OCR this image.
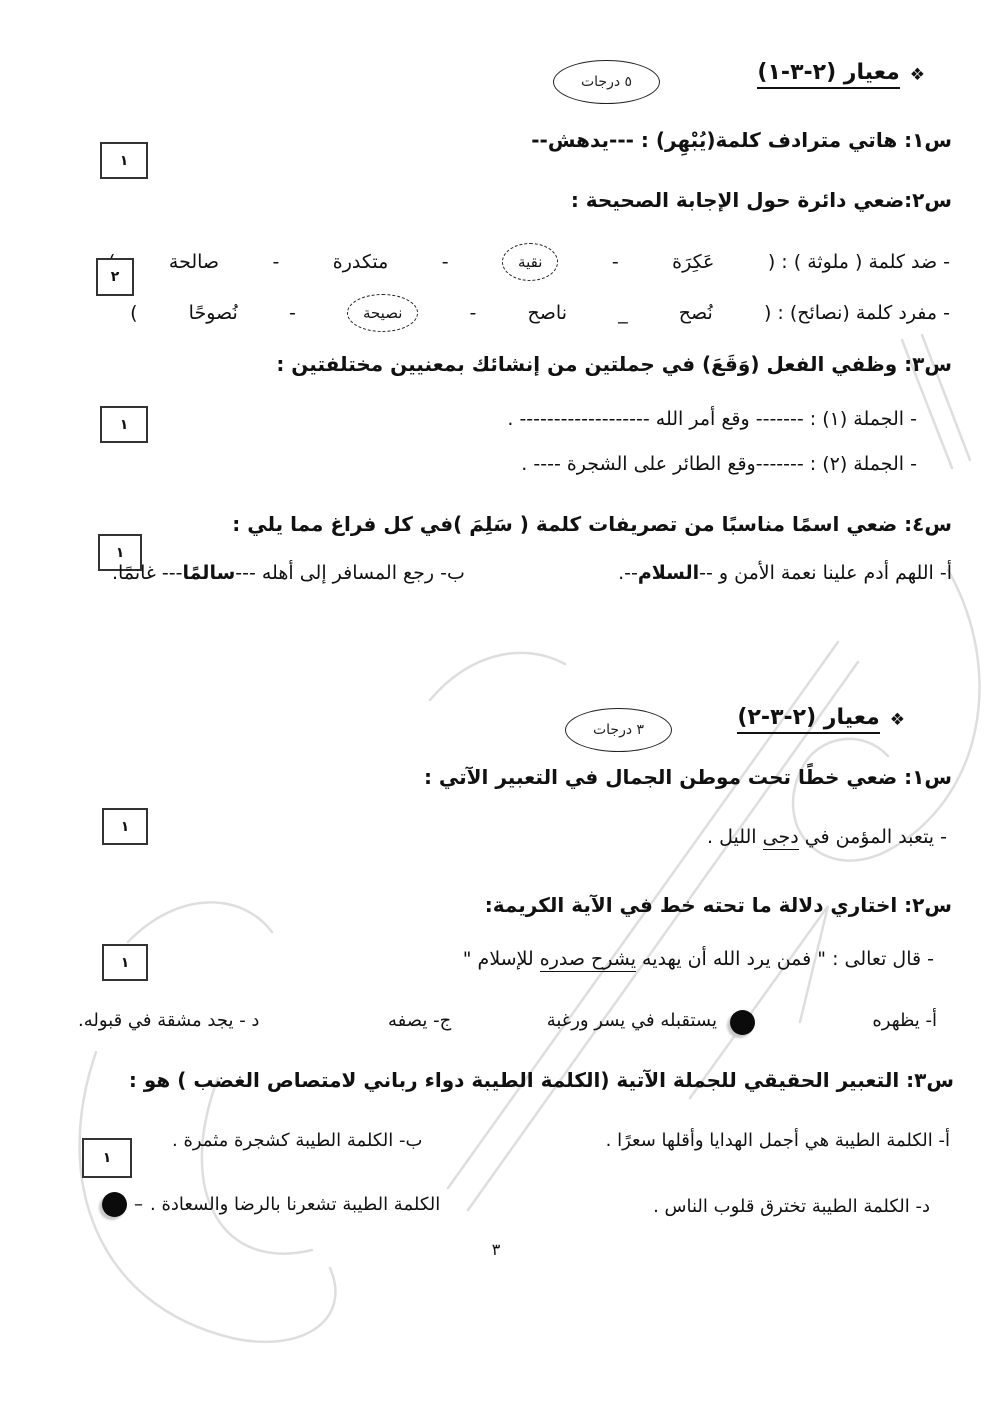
❖
معيار (٢-٣-١)
٥ درجات
س١: هاتي مترادف كلمة(يُبْهِر) : ---يدهش--
١
س٢:ضعي دائرة حول الإجابة الصحيحة :
- ضد كلمة ( ملوثة ) : (
عَكِرَة
-
نقية
-
متكدرة
-
صالحة
٢
- مفرد كلمة (نصائح) : (
نُصح
_
ناصح
-
نصيحة
-
نُصوحًا
)
س٣: وظفي الفعل (وَقَعَ) في جملتين من إنشائك بمعنيين مختلفتين :
- الجملة (١) : ------- وقع أمر الله ------------------- .
١
- الجملة (٢) : -------وقع الطائر على الشجرة ---- .
س٤: ضعي اسمًا مناسبًا من تصريفات كلمة ( سَلِمَ )في كل فراغ مما يلي :
١
أ- اللهم أدم علينا نعمة الأمن و --السلام--.
ب- رجع المسافر إلى أهله ---سالمًا--- غانمًا.
❖
معيار (٢-٣-٢)
٣ درجات
س١: ضعي خطًا تحت موطن الجمال في التعبير الآتي :
١	- يتعبد المؤمن في دجى الليل .
س٢: اختاري دلالة ما تحته خط في الآية الكريمة:
١	- قال تعالى : " فمن يرد الله أن يهديه يشرح صدره للإسلام "
أ- يظهره
يستقبله في يسر ورغبة
ج- يصفه
د - يجد مشقة في قبوله.
س٣: التعبير الحقيقي للجملة الآتية (الكلمة الطيبة دواء رباني لامتصاص الغضب ) هو :
١
أ- الكلمة الطيبة هي أجمل الهدايا وأقلها سعرًا .
ب- الكلمة الطيبة كشجرة مثمرة .
د- الكلمة الطيبة تخترق قلوب الناس .
– الكلمة الطيبة تشعرنا بالرضا والسعادة .
٣
